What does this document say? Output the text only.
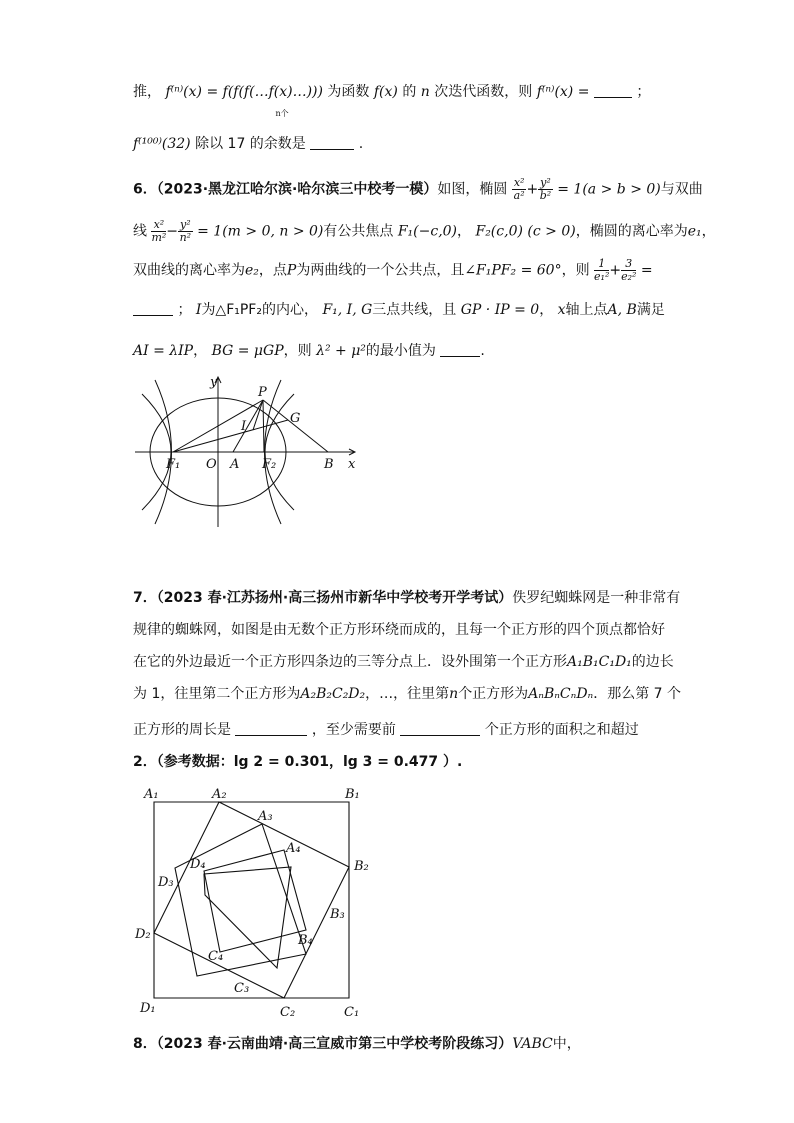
推， f⁽ⁿ⁾(x) = f(f(f(…f(x)…)))
n个
为函数 f(x) 的 n 次迭代函数，则 f⁽ⁿ⁾(x) =	；
f⁽¹⁰⁰⁾(32) 除以 17 的余数是	.
6．（2023·黑龙江哈尔滨·哈尔滨三中校考一模）如图，椭圆 $\frac{\text{x²}}{\text{a²}} + \frac{\text{y²}}{\text{b²}} = 1(a > b > 0)$与双曲
线 $\frac{\text{x²}}{\text{m²}} - \frac{\text{y²}}{\text{n²}} = 1(m > 0$, n > 0)有公共焦点 F₁(−c,0)， F₂(c,0) (c > 0)，椭圆的离心率为e₁，
双曲线的离心率为e₂，点P为两曲线的一个公共点，且∠F₁PF₂ = 60°，则 $\frac{1}{\text{e₁²}} + \frac{3}{\text{e₂²}}$ =
； I为△F₁PF₂的内心， F₁, I, G三点共线，且 GP · IP = 0， x轴上点A, B满足
AI = λIP， BG = μGP，则 λ² + μ²的最小值为	.
y
x
P
G
I
F₁ O A F₂	B
7．（2023 春·江苏扬州·高三扬州市新华中学校考开学考试）佚罗纪蜘蛛网是一种非常有
规律的蜘蛛网，如图是由无数个正方形环绕而成的，且每一个正方形的四个顶点都恰好
在它的外边最近一个正方形四条边的三等分点上．设外围第一个正方形A₁B₁C₁D₁的边长
为 1，往里第二个正方形为A₂B₂C₂D₂，…，往里第n个正方形为AₙBₙCₙDₙ．那么第 7 个
正方形的周长是	，至少需要前	个正方形的面积之和超过
2．（参考数据：lg 2 = 0.301，lg 3 = 0.477 ）.
A₁	A₂
A₃
A₄
B₁
B₂
B₃
B₄
C₁
C₂
C₃
C₄
D₁
D₂
D₃
D₄
8．（2023 春·云南曲靖·高三宣威市第三中学校考阶段练习）VABC中，
